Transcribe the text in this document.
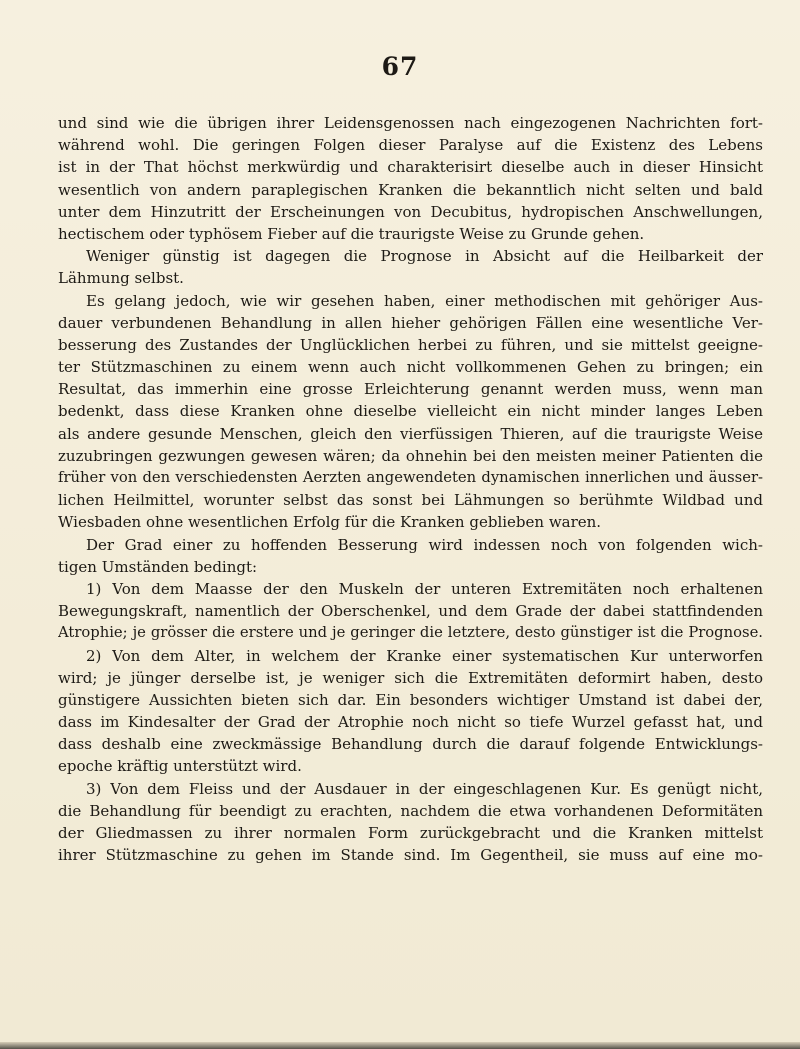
67
und sind wie die übrigen ihrer Leidensgenossen nach eingezogenen Nachrichten fort-
während wohl. Die geringen Folgen dieser Paralyse auf die Existenz des Lebens
ist in der That höchst merkwürdig und charakterisirt dieselbe auch in dieser Hinsicht
wesentlich von andern paraplegischen Kranken die bekanntlich nicht selten und bald
unter dem Hinzutritt der Erscheinungen von Decubitus, hydropischen Anschwellungen,
hectischem oder typhösem Fieber auf die traurigste Weise zu Grunde gehen.
Weniger günstig ist dagegen die Prognose in Absicht auf die Heilbarkeit der
Lähmung selbst.
Es gelang jedoch, wie wir gesehen haben, einer methodischen mit gehöriger Aus-
dauer verbundenen Behandlung in allen hieher gehörigen Fällen eine wesentliche Ver-
besserung des Zustandes der Unglücklichen herbei zu führen, und sie mittelst geeigne-
ter Stützmaschinen zu einem wenn auch nicht vollkommenen Gehen zu bringen; ein
Resultat, das immerhin eine grosse Erleichterung genannt werden muss, wenn man
bedenkt, dass diese Kranken ohne dieselbe vielleicht ein nicht minder langes Leben
als andere gesunde Menschen, gleich den vierfüssigen Thieren, auf die traurigste Weise
zuzubringen gezwungen gewesen wären; da ohnehin bei den meisten meiner Patienten die
früher von den verschiedensten Aerzten angewendeten dynamischen innerlichen und äusser-
lichen Heilmittel, worunter selbst das sonst bei Lähmungen so berühmte Wildbad und
Wiesbaden ohne wesentlichen Erfolg für die Kranken geblieben waren.
Der Grad einer zu hoffenden Besserung wird indessen noch von folgenden wich-
tigen Umständen bedingt:
1) Von dem Maasse der den Muskeln der unteren Extremitäten noch erhaltenen
Bewegungskraft, namentlich der Oberschenkel, und dem Grade der dabei stattfindenden
Atrophie; je grösser die erstere und je geringer die letztere, desto günstiger ist die Prognose.
2) Von dem Alter, in welchem der Kranke einer systematischen Kur unterworfen
wird; je jünger derselbe ist, je weniger sich die Extremitäten deformirt haben, desto
günstigere Aussichten bieten sich dar. Ein besonders wichtiger Umstand ist dabei der,
dass im Kindesalter der Grad der Atrophie noch nicht so tiefe Wurzel gefasst hat, und
dass deshalb eine zweckmässige Behandlung durch die darauf folgende Entwicklungs-
epoche kräftig unterstützt wird.
3) Von dem Fleiss und der Ausdauer in der eingeschlagenen Kur. Es genügt nicht,
die Behandlung für beendigt zu erachten, nachdem die etwa vorhandenen Deformitäten
der Gliedmassen zu ihrer normalen Form zurückgebracht und die Kranken mittelst
ihrer Stützmaschine zu gehen im Stande sind. Im Gegentheil, sie muss auf eine mo-
